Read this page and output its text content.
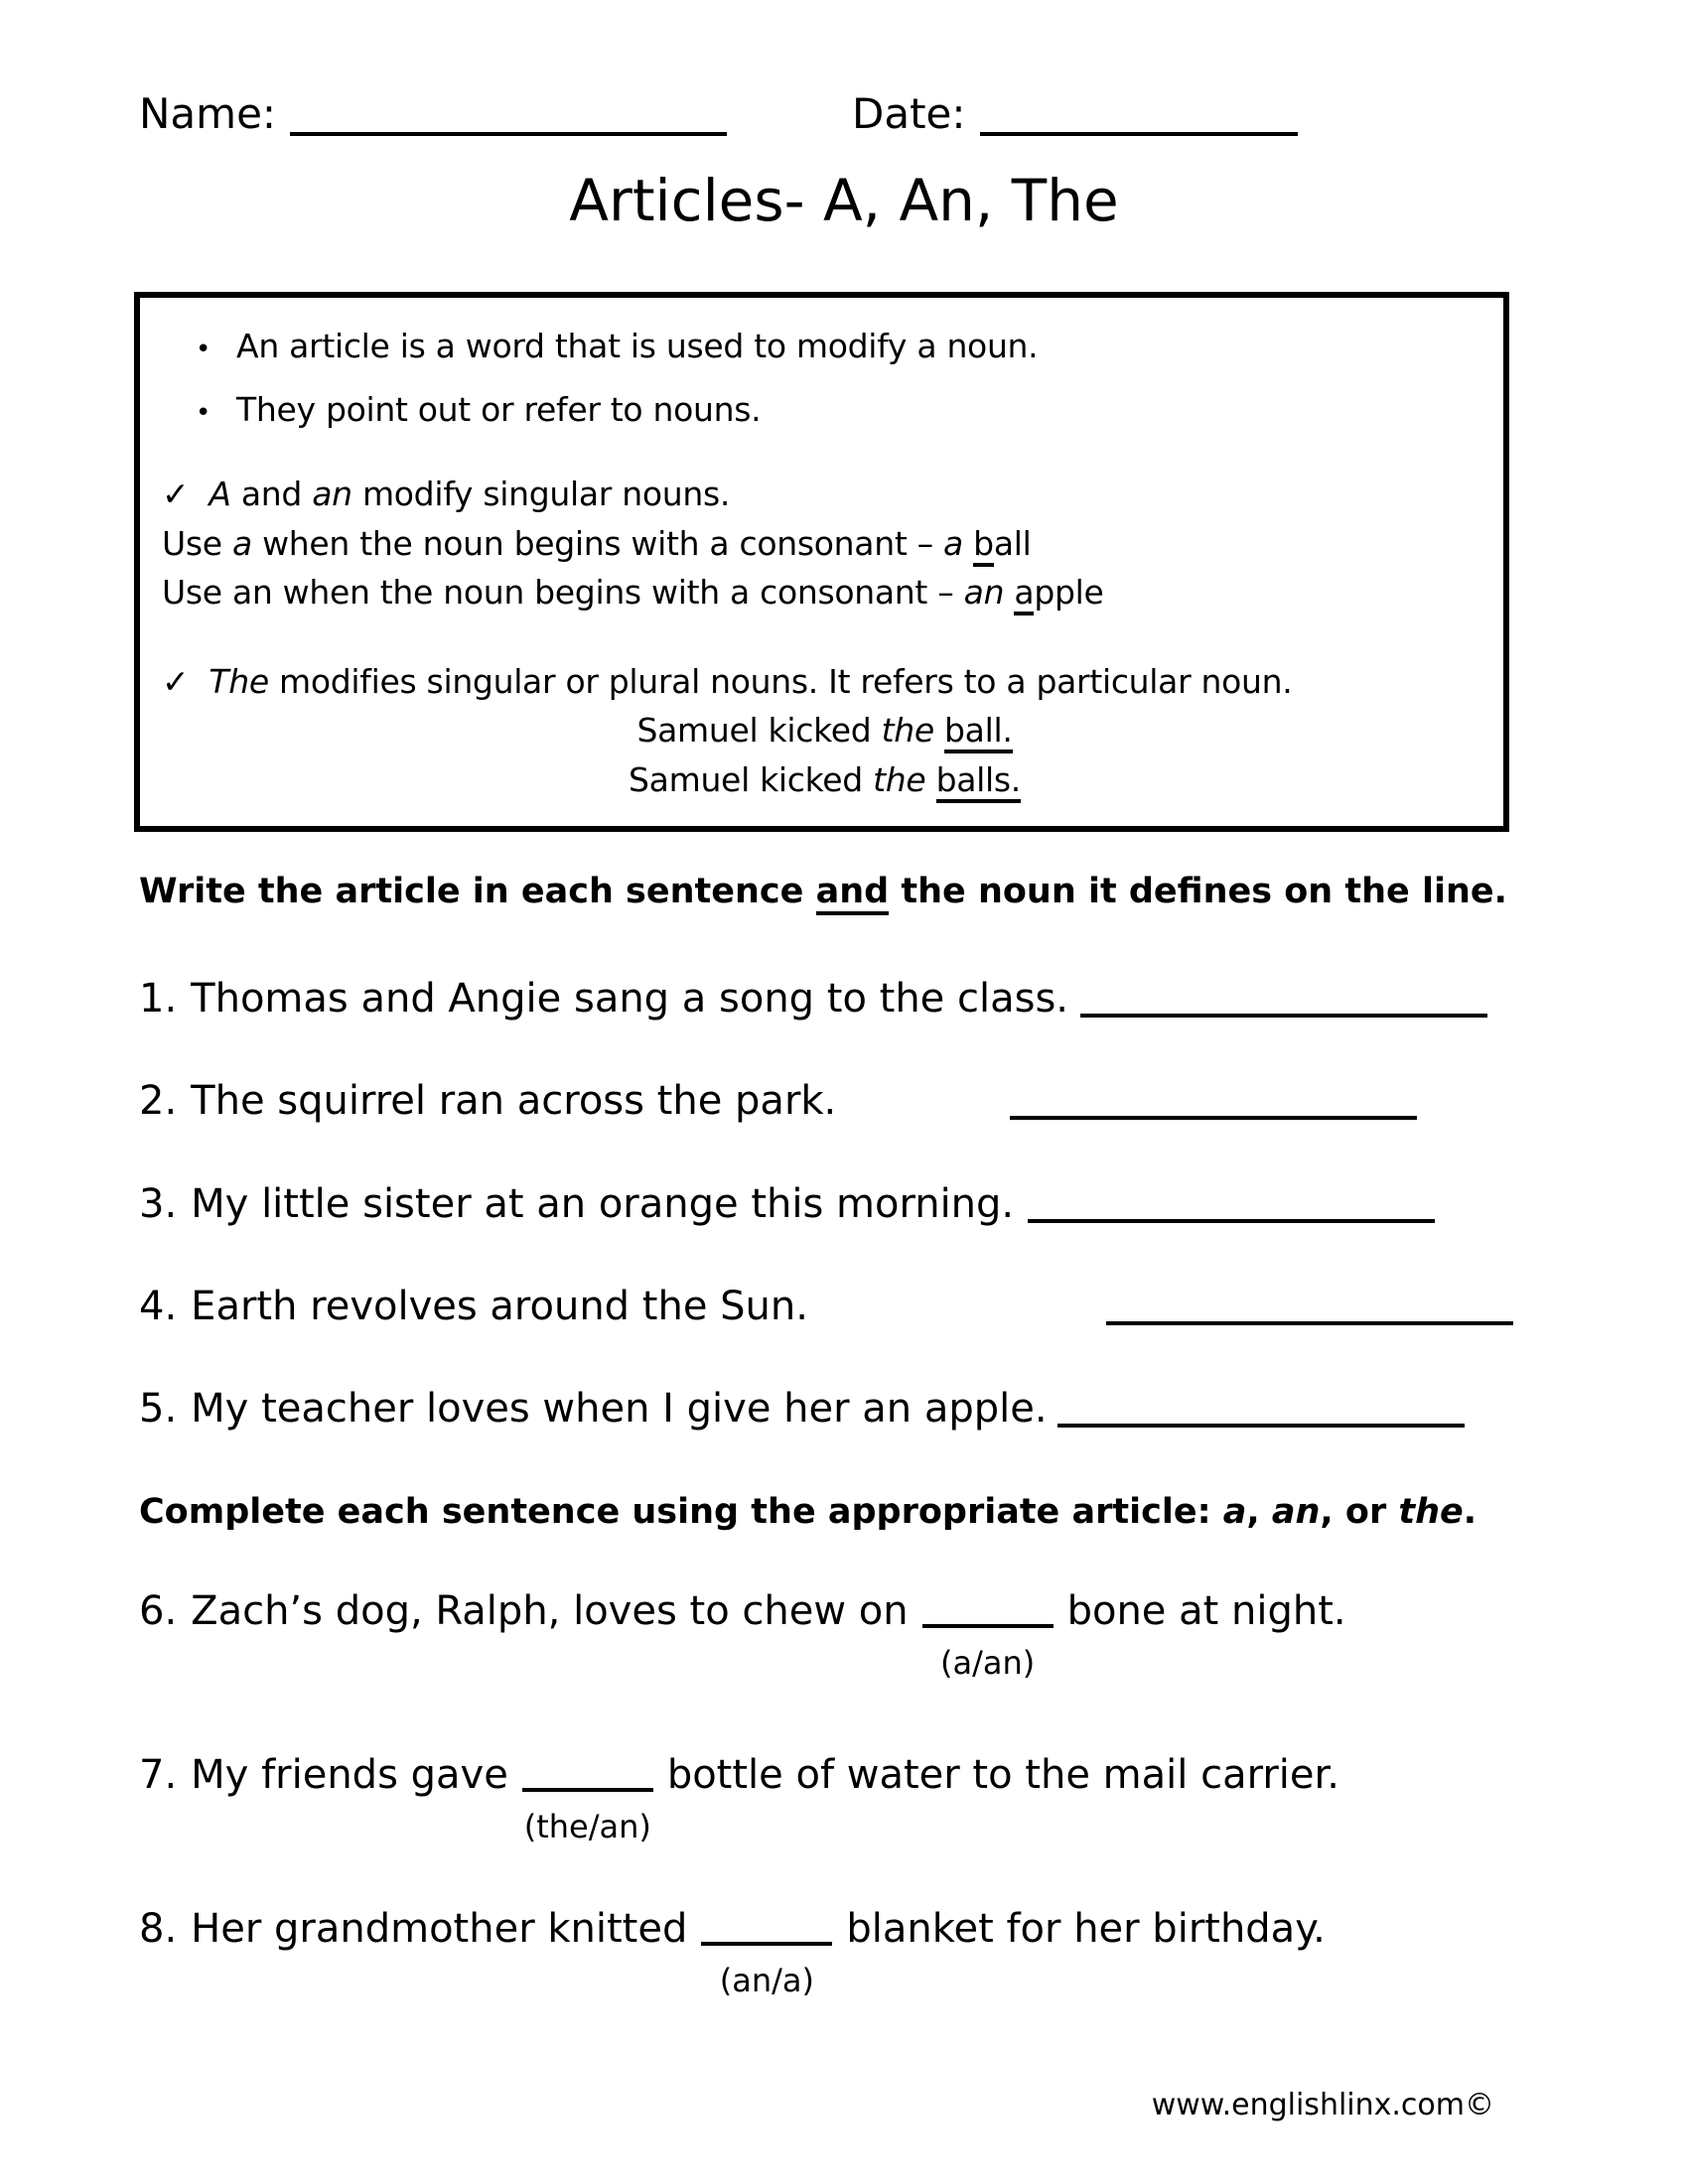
Name:	Date:
Articles- A, An, The
• An article is a word that is used to modify a noun.
• They point out or refer to nouns.
✓ A and an modify singular nouns.
Use a when the noun begins with a consonant – a ball
Use an when the noun begins with a consonant – an apple
✓ The modifies singular or plural nouns. It refers to a particular noun.
Samuel kicked the ball.
Samuel kicked the balls.
Write the article in each sentence and the noun it defines on the line.
1. Thomas and Angie sang a song to the class.
2. The squirrel ran across the park.
3. My little sister at an orange this morning.
4. Earth revolves around the Sun.
5. My teacher loves when I give her an apple.
Complete each sentence using the appropriate article: a, an, or the.
6. Zach’s dog, Ralph, loves to chew on
(a/an)
bone at night.
7. My friends gave
(the/an)
bottle of water to the mail carrier.
8. Her grandmother knitted
(an/a)
blanket for her birthday.
www.englishlinx.com©
